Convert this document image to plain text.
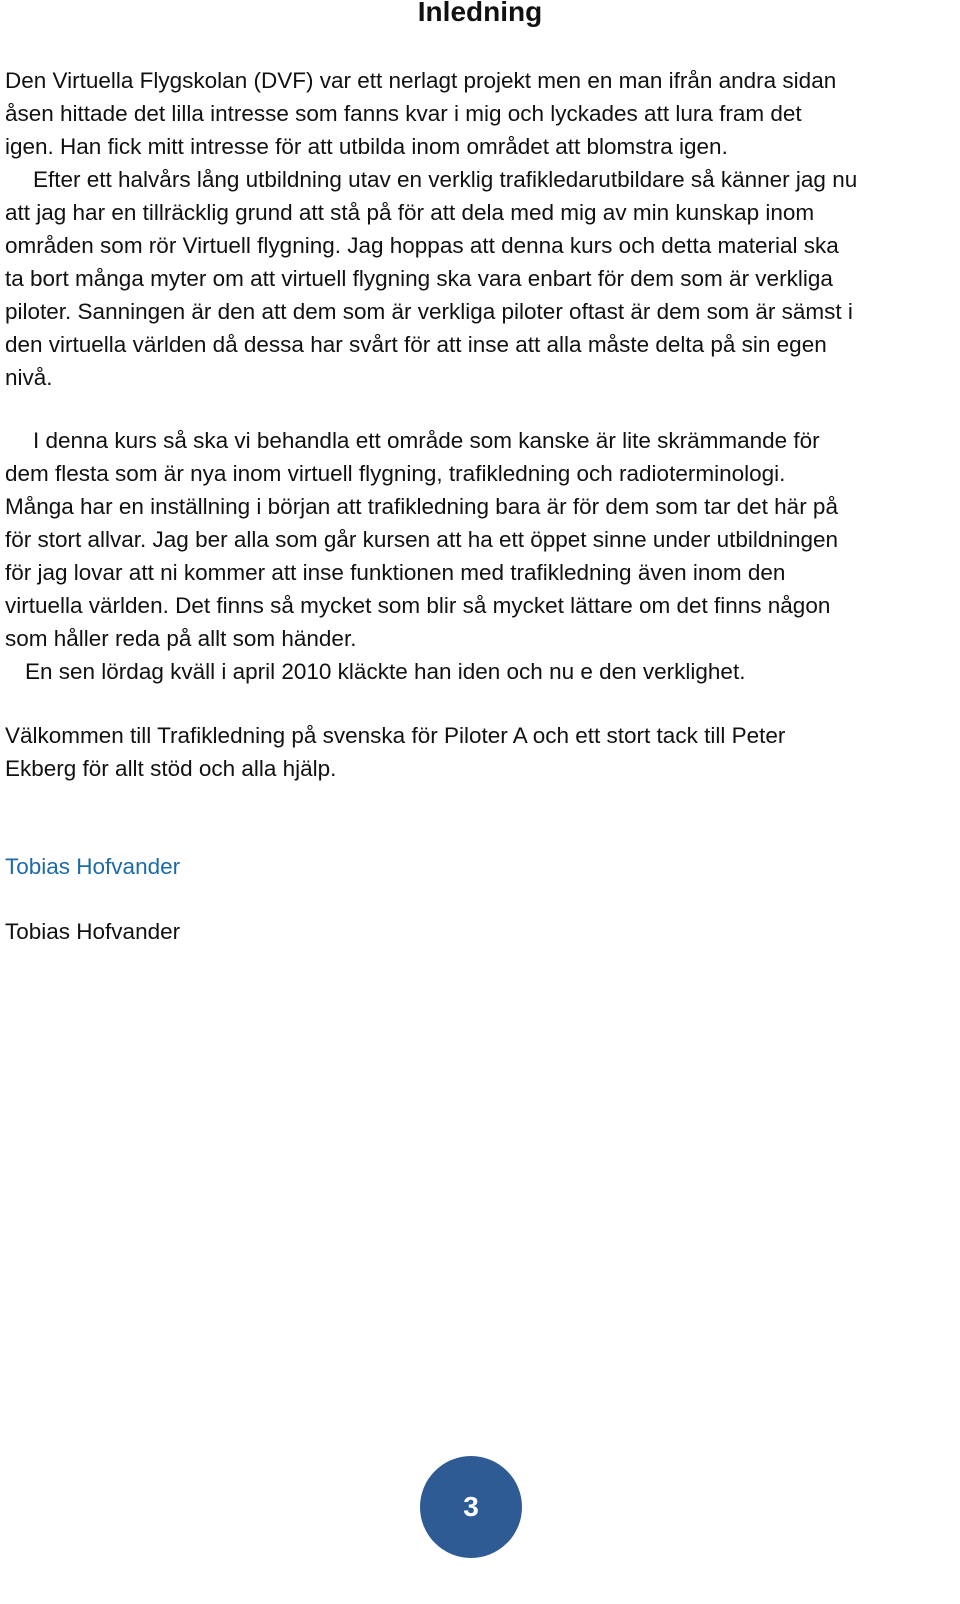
Inledning
Den Virtuella Flygskolan (DVF) var ett nerlagt projekt men en man ifrån andra sidan
åsen hittade det lilla intresse som fanns kvar i mig och lyckades att lura fram det
igen. Han fick mitt intresse för att utbilda inom området att blomstra igen.
Efter ett halvårs lång utbildning utav en verklig trafikledarutbildare så känner jag nu
att jag har en tillräcklig grund att stå på för att dela med mig av min kunskap inom
områden som rör Virtuell flygning. Jag hoppas att denna kurs och detta material ska
ta bort många myter om att virtuell flygning ska vara enbart för dem som är verkliga
piloter. Sanningen är den att dem som är verkliga piloter oftast är dem som är sämst i
den virtuella världen då dessa har svårt för att inse att alla måste delta på sin egen
nivå.
I denna kurs så ska vi behandla ett område som kanske är lite skrämmande för
dem flesta som är nya inom virtuell flygning, trafikledning och radioterminologi.
Många har en inställning i början att trafikledning bara är för dem som tar det här på
för stort allvar. Jag ber alla som går kursen att ha ett öppet sinne under utbildningen
för jag lovar att ni kommer att inse funktionen med trafikledning även inom den
virtuella världen. Det finns så mycket som blir så mycket lättare om det finns någon
som håller reda på allt som händer.
En sen lördag kväll i april 2010 kläckte han iden och nu e den verklighet.
Välkommen till Trafikledning på svenska för Piloter A och ett stort tack till Peter
Ekberg för allt stöd och alla hjälp.

Tobias Hofvander

Tobias Hofvander

3
